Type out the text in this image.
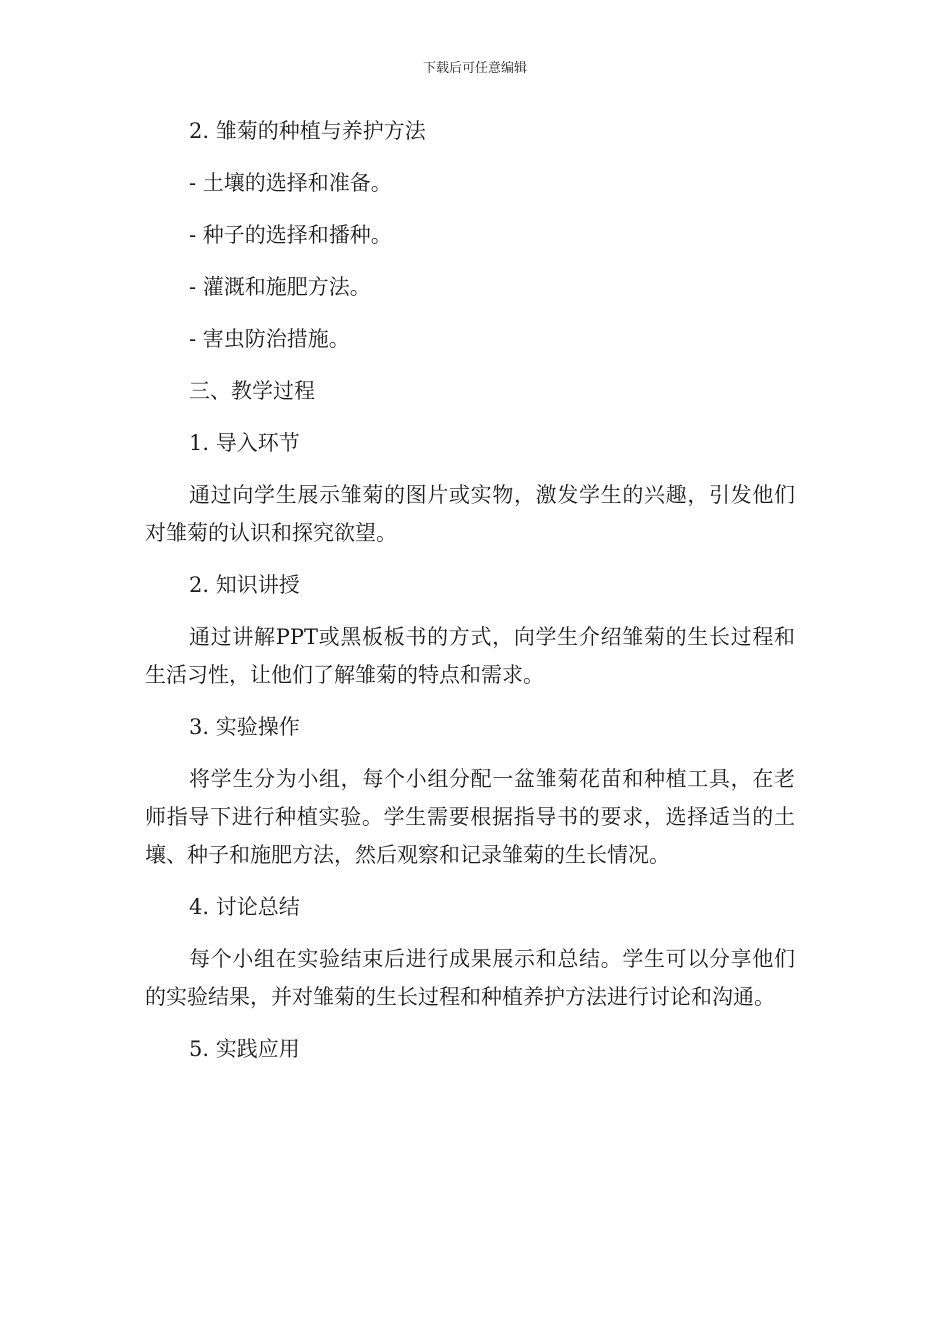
下载后可任意编辑
2. 雏菊的种植与养护方法
- 土壤的选择和准备。
- 种子的选择和播种。
- 灌溉和施肥方法。
- 害虫防治措施。
三、教学过程
1. 导入环节

通过向学生展示雏菊的图片或实物，激发学生的兴趣，引发他们对雏菊的认识和探究欲望。

2. 知识讲授

通过讲解PPT或黑板板书的方式，向学生介绍雏菊的生长过程和生活习性，让他们了解雏菊的特点和需求。

3. 实验操作

将学生分为小组，每个小组分配一盆雏菊花苗和种植工具，在老师指导下进行种植实验。学生需要根据指导书的要求，选择适当的土壤、种子和施肥方法，然后观察和记录雏菊的生长情况。

4. 讨论总结

每个小组在实验结束后进行成果展示和总结。学生可以分享他们的实验结果，并对雏菊的生长过程和种植养护方法进行讨论和沟通。

5. 实践应用
